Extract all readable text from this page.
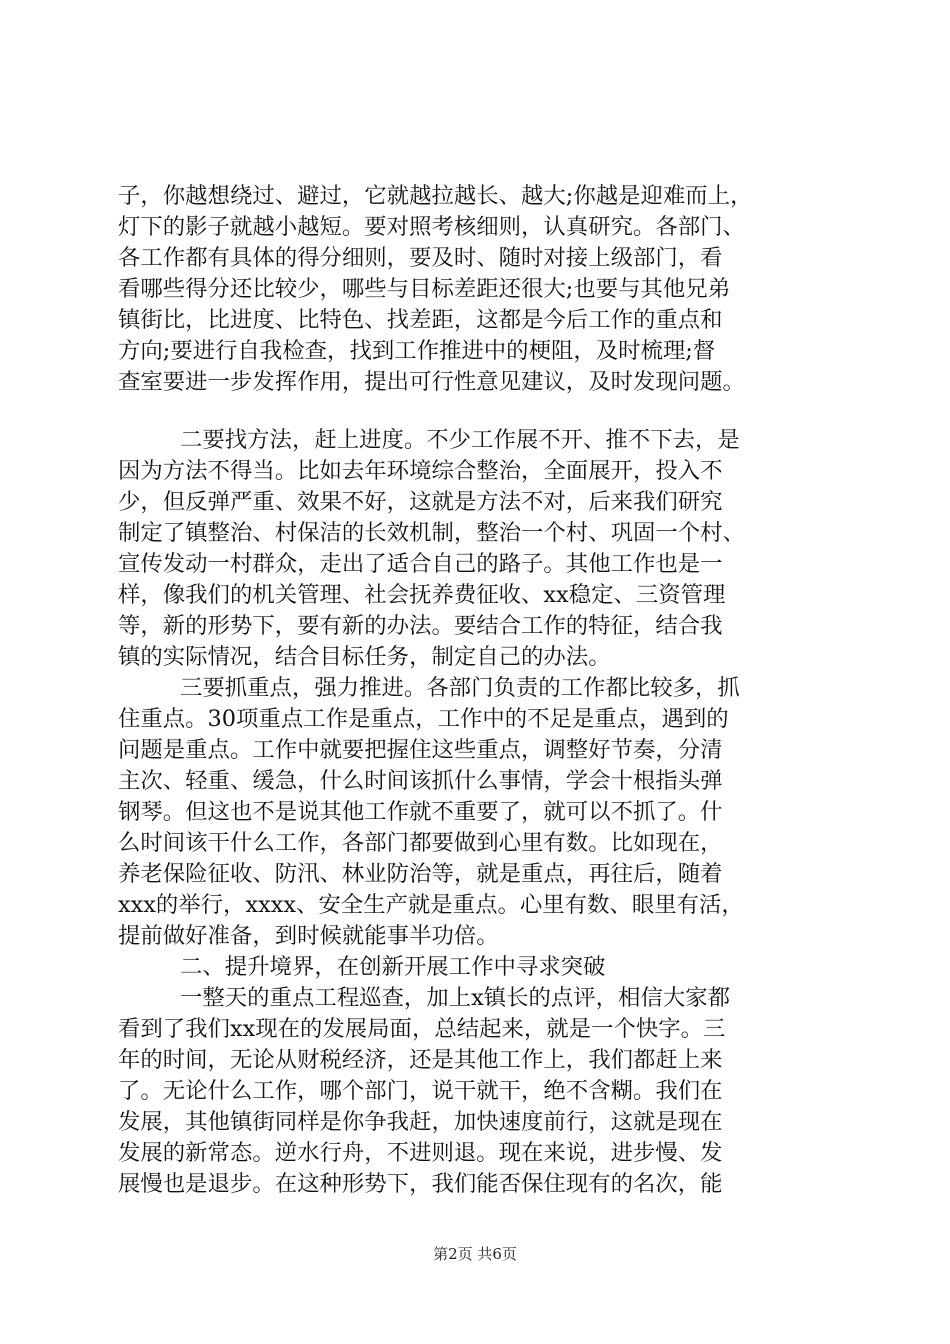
子，你越想绕过、避过，它就越拉越长、越大;你越是迎难而上，
灯下的影子就越小越短。要对照考核细则，认真研究。各部门、
各工作都有具体的得分细则，要及时、随时对接上级部门，看
看哪些得分还比较少，哪些与目标差距还很大;也要与其他兄弟
镇街比，比进度、比特色、找差距，这都是今后工作的重点和
方向;要进行自我检查，找到工作推进中的梗阻，及时梳理;督
查室要进一步发挥作用，提出可行性意见建议，及时发现问题。
二要找方法，赶上进度。不少工作展不开、推不下去，是
因为方法不得当。比如去年环境综合整治，全面展开，投入不
少，但反弹严重、效果不好，这就是方法不对，后来我们研究
制定了镇整治、村保洁的长效机制，整治一个村、巩固一个村、
宣传发动一村群众，走出了适合自己的路子。其他工作也是一
样，像我们的机关管理、社会抚养费征收、xx稳定、三资管理
等，新的形势下，要有新的办法。要结合工作的特征，结合我
镇的实际情况，结合目标任务，制定自己的办法。
三要抓重点，强力推进。各部门负责的工作都比较多，抓
住重点。30项重点工作是重点，工作中的不足是重点，遇到的
问题是重点。工作中就要把握住这些重点，调整好节奏，分清
主次、轻重、缓急，什么时间该抓什么事情，学会十根指头弹
钢琴。但这也不是说其他工作就不重要了，就可以不抓了。什
么时间该干什么工作，各部门都要做到心里有数。比如现在，
养老保险征收、防汛、林业防治等，就是重点，再往后，随着
xxx的举行，xxxx、安全生产就是重点。心里有数、眼里有活，
提前做好准备，到时候就能事半功倍。
二、提升境界，在创新开展工作中寻求突破
一整天的重点工程巡查，加上x镇长的点评，相信大家都
看到了我们xx现在的发展局面，总结起来，就是一个快字。三
年的时间，无论从财税经济，还是其他工作上，我们都赶上来
了。无论什么工作，哪个部门，说干就干，绝不含糊。我们在
发展，其他镇街同样是你争我赶，加快速度前行，这就是现在
发展的新常态。逆水行舟，不进则退。现在来说，进步慢、发
展慢也是退步。在这种形势下，我们能否保住现有的名次，能
第2页 共6页
